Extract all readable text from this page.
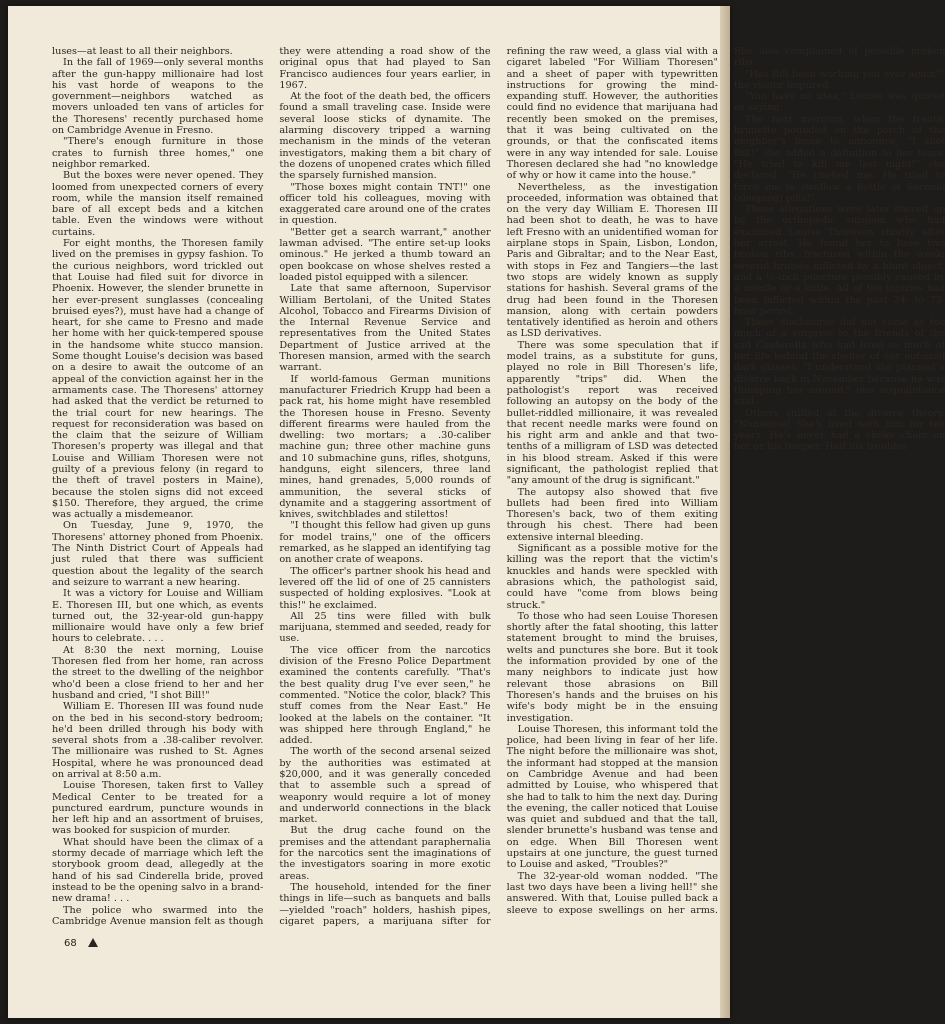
luses—at least to all their neighbors.

In the fall of 1969—only several months after the gun-happy millionaire had lost his vast horde of weapons to the government—neighbors watched as movers unloaded ten vans of articles for the Thoresens' recently purchased home on Cambridge Avenue in Fresno.

"There's enough furniture in those crates to furnish three homes," one neighbor remarked.

But the boxes were never opened. They loomed from unexpected corners of every room, while the mansion itself remained bare of all except beds and a kitchen table. Even the windows were without curtains.

For eight months, the Thoresen family lived on the premises in gypsy fashion. To the curious neighbors, word trickled out that Louise had filed suit for divorce in Phoenix. However, the slender brunette in her ever-present sunglasses (concealing bruised eyes?), must have had a change of heart, for she came to Fresno and made her home with her quick-tempered spouse in the handsome white stucco mansion. Some thought Louise's decision was based on a desire to await the outcome of an appeal of the conviction against her in the armaments case. The Thoresens' attorney had asked that the verdict be returned to the trial court for new hearings. The request for reconsideration was based on the claim that the seizure of William Thoresen's property was illegal and that Louise and William Thoresen were not guilty of a previous felony (in regard to the theft of travel posters in Maine), because the stolen signs did not exceed $150. Therefore, they argued, the crime was actually a misdemeanor.

On Tuesday, June 9, 1970, the Thoresens' attorney phoned from Phoenix. The Ninth District Court of Appeals had just ruled that there was sufficient question about the legality of the search and seizure to warrant a new hearing.

It was a victory for Louise and William E. Thoresen III, but one which, as events turned out, the 32-year-old gun-happy millionaire would have only a few brief hours to celebrate. . . .

At 8:30 the next morning, Louise Thoresen fled from her home, ran across the street to the dwelling of the neighbor who'd been a close friend to her and her husband and cried, "I shot Bill!"

William E. Thoresen III was found nude on the bed in his second-story bedroom; he'd been drilled through his body with several shots from a .38-caliber revolver. The millionaire was rushed to St. Agnes Hospital, where he was pronounced dead on arrival at 8:50 a.m.

Louise Thoresen, taken first to Valley Medical Center to be treated for a punctured eardrum, puncture wounds in her left hip and an assortment of bruises, was booked for suspicion of murder.

What should have been the climax of a stormy decade of marriage which left the storybook groom dead, allegedly at the hand of his sad Cinderella bride, proved instead to be the opening salvo in a brand-new drama! . . .

The police who swarmed into the Cambridge Avenue mansion felt as though they were attending a road show of the original opus that had played to San Francisco audiences four years earlier, in 1967.

At the foot of the death bed, the officers found a small traveling case. Inside were several loose sticks of dynamite. The alarming discovery tripped a warning mechanism in the minds of the veteran investigators, making them a bit chary of the dozens of unopened crates which filled the sparsely furnished mansion.

"Those boxes might contain TNT!" one officer told his colleagues, moving with exaggerated care around one of the crates in question.

"Better get a search warrant," another lawman advised. "The entire set-up looks ominous." He jerked a thumb toward an open bookcase on whose shelves rested a loaded pistol equipped with a silencer.

Late that same afternoon, Supervisor William Bertolani, of the United States Alcohol, Tobacco and Firearms Division of the Internal Revenue Service and representatives from the United States Department of Justice arrived at the Thoresen mansion, armed with the search warrant.

If world-famous German munitions manufacturer Friedrich Krupp had been a pack rat, his home might have resembled the Thoresen house in Fresno. Seventy different firearms were hauled from the dwelling: two mortars; a .30-caliber machine gun; three other machine guns and 10 submachine guns, rifles, shotguns, handguns, eight silencers, three land mines, hand grenades, 5,000 rounds of ammunition, the several sticks of dynamite and a staggering assortment of knives, switchblades and stilettos!

"I thought this fellow had given up guns for model trains," one of the officers remarked, as he slapped an identifying tag on another crate of weapons.

The officer's partner shook his head and levered off the lid of one of 25 cannisters suspected of holding explosives. "Look at this!" he exclaimed.

All 25 tins were filled with bulk marijuana, stemmed and seeded, ready for use.

The vice officer from the narcotics division of the Fresno Police Department examined the contents carefully. "That's the best quality drug I've ever seen," he commented. "Notice the color, black? This stuff comes from the Near East." He looked at the labels on the container. "It was shipped here through England," he added.

The worth of the second arsenal seized by the authorities was estimated at $20,000, and it was generally conceded that to assemble such a spread of weaponry would require a lot of money and underworld connections in the black market.

But the drug cache found on the premises and the attendant paraphernalia for the narcotics sent the imaginations of the investigators soaring in more exotic areas.

The household, intended for the finer things in life—such as banquets and balls—yielded "roach" holders, hashish pipes, cigaret papers, a marijuana sifter for refining the raw weed, a glass vial with a cigaret labeled "For William Thoresen" and a sheet of paper with typewritten instructions for growing the mind-expanding stuff. However, the authorities could find no evidence that marijuana had recently been smoked on the premises, that it was being cultivated on the grounds, or that the confiscated items were in any way intended for sale. Louise Thoresen declared she had "no knowledge of why or how it came into the house."

Nevertheless, as the investigation proceeded, information was obtained that on the very day William E. Thoresen III had been shot to death, he was to have left Fresno with an unidentified woman for airplane stops in Spain, Lisbon, London, Paris and Gibraltar; and to the Near East, with stops in Fez and Tangiers—the last two stops are widely known as supply stations for hashish. Several grams of the drug had been found in the Thoresen mansion, along with certain powders tentatively identified as heroin and others as LSD derivatives.

There was some speculation that if model trains, as a substitute for guns, played no role in Bill Thoresen's life, apparently "trips" did. When the pathologist's report was received following an autopsy on the body of the bullet-riddled millionaire, it was revealed that recent needle marks were found on his right arm and ankle and that two-tenths of a milligram of LSD was detected in his blood stream. Asked if this were significant, the pathologist replied that "any amount of the drug is significant."

The autopsy also showed that five bullets had been fired into William Thoresen's back, two of them exiting through his chest. There had been extensive internal bleeding.

Significant as a possible motive for the killing was the report that the victim's knuckles and hands were speckled with abrasions which, the pathologist said, could have "come from blows being struck."

To those who had seen Louise Thoresen shortly after the fatal shooting, this latter statement brought to mind the bruises, welts and punctures she bore. But it took the information provided by one of the many neighbors to indicate just how relevant those abrasions on Bill Thoresen's hands and the bruises on his wife's body might be in the ensuing investigation.

Louise Thoresen, this informant told the police, had been living in fear of her life. The night before the millionaire was shot, the informant had stopped at the mansion on Cambridge Avenue and had been admitted by Louise, who whispered that she had to talk to him the next day. During the evening, the caller noticed that Louise was quiet and subdued and that the tall, slender brunette's husband was tense and on edge. When Bill Thoresen went upstairs at one juncture, the guest turned to Louise and asked, "Troubles?"

The 32-year-old woman nodded. "The last two days have been a living hell!" she answered. With that, Louise pulled back a sleeve to expose swellings on her arms. She also complained of possible broken ribs.

"Has Bill been working you over again?" the visitor inquired.

"You have no idea," Louise was quoted as saying.

The next morning, when the frantic brunette pounded on the porch of the neighbor's home to announce, "I shot Bill!" she added a definition to her fears. "He tried to kill me last night!" she declared. "He choked me. He tried to force me to swallow a bottle of Seconal (sleeping) pills!"

These allegations were later shored up by the orthopedic surgeon who had examined Louise Thoresen shortly after her arrest. He found her to have two broken ribs, fractured within the week; several bruises inflicted by a blunt object, and a ½-inch puncture possibly caused by a needle or a knife. All of the injuries had been inflicted within the past 24- to 72-hour period.

These disclosures did not come as too much of a surprise to the friends of the sad Cinderella who had lived so much of her life behind the shelter of our outsized dark glasses. "I understand she planned a divorce back in November because he was thumping her around," one acquaintance said.

Others sniffed at the divorce theory. "Nonsense! She's lived with him for ten years. He's never had a choke chain on her or his temper. Half his troubles

68
